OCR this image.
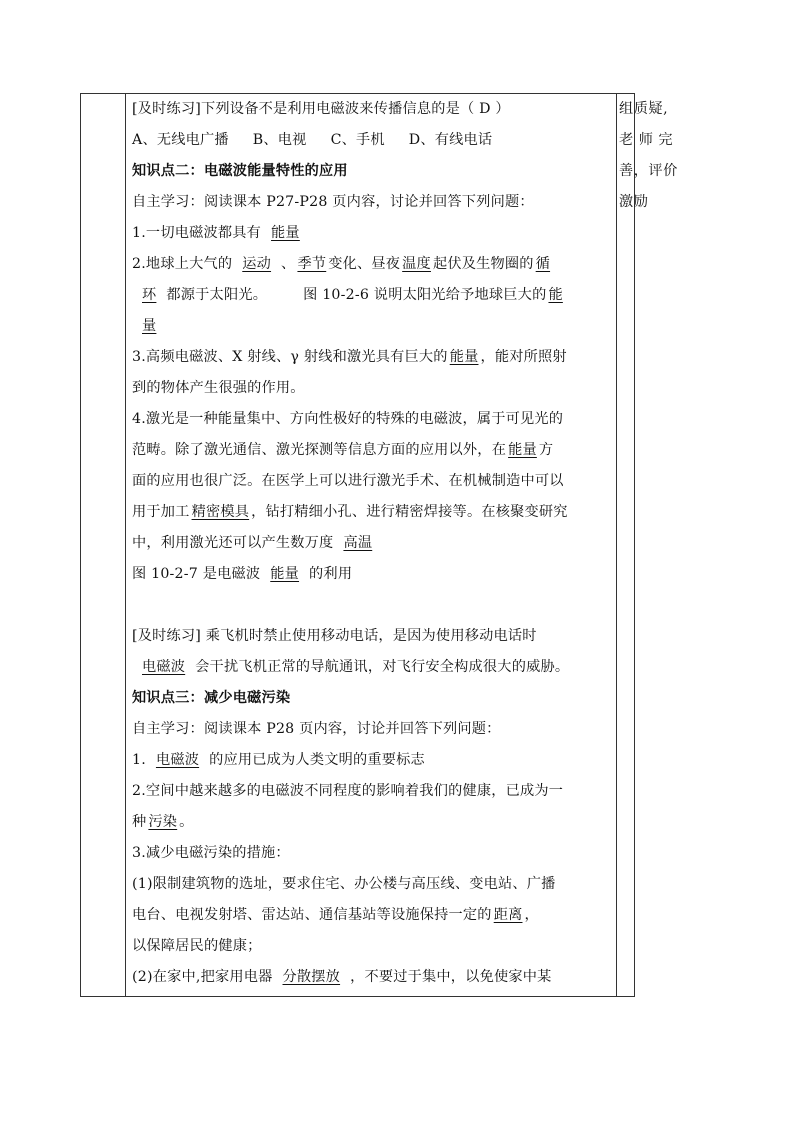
[及时练习]下列设备不是利用电磁波来传播信息的是（ D ）
A、无线电广播 B、电视 C、手机 D、有线电话
知识点二：电磁波能量特性的应用
自主学习：阅读课本 P27-P28 页内容，讨论并回答下列问题：
1.一切电磁波都具有 能量
2.地球上大气的 运动 、 季节 变化、昼夜 温度 起伏及生物圈的 循
环 都源于太阳光。	图 10-2-6 说明太阳光给予地球巨大的 能
量
3.高频电磁波、X 射线、γ 射线和激光具有巨大的 能量 ，能对所照射
到的物体产生很强的作用。
4.激光是一种能量集中、方向性极好的特殊的电磁波，属于可见光的
范畴。除了激光通信、激光探测等信息方面的应用以外，在 能量 方
面的应用也很广泛。在医学上可以进行激光手术、在机械制造中可以
用于加工 精密模具 ，钻打精细小孔、进行精密焊接等。在核聚变研究
中，利用激光还可以产生数万度 高温
图 10-2-7 是电磁波 能量 的利用
[及时练习] 乘飞机时禁止使用移动电话，是因为使用移动电话时
电磁波 会干扰飞机正常的导航通讯，对飞行安全构成很大的威胁。
知识点三：减少电磁污染
自主学习：阅读课本 P28 页内容，讨论并回答下列问题：
1. 电磁波 的应用已成为人类文明的重要标志
2.空间中越来越多的电磁波不同程度的影响着我们的健康，已成为一
种 污染 。
3.减少电磁污染的措施：
(1)限制建筑物的选址，要求住宅、办公楼与高压线、变电站、广播
电台、电视发射塔、雷达站、通信基站等设施保持一定的 距离 ，
以保障居民的健康；
(2)在家中,把家用电器 分散摆放 ，不要过于集中，以免使家中某
组质疑,
老 师 完
善，评价
激励
